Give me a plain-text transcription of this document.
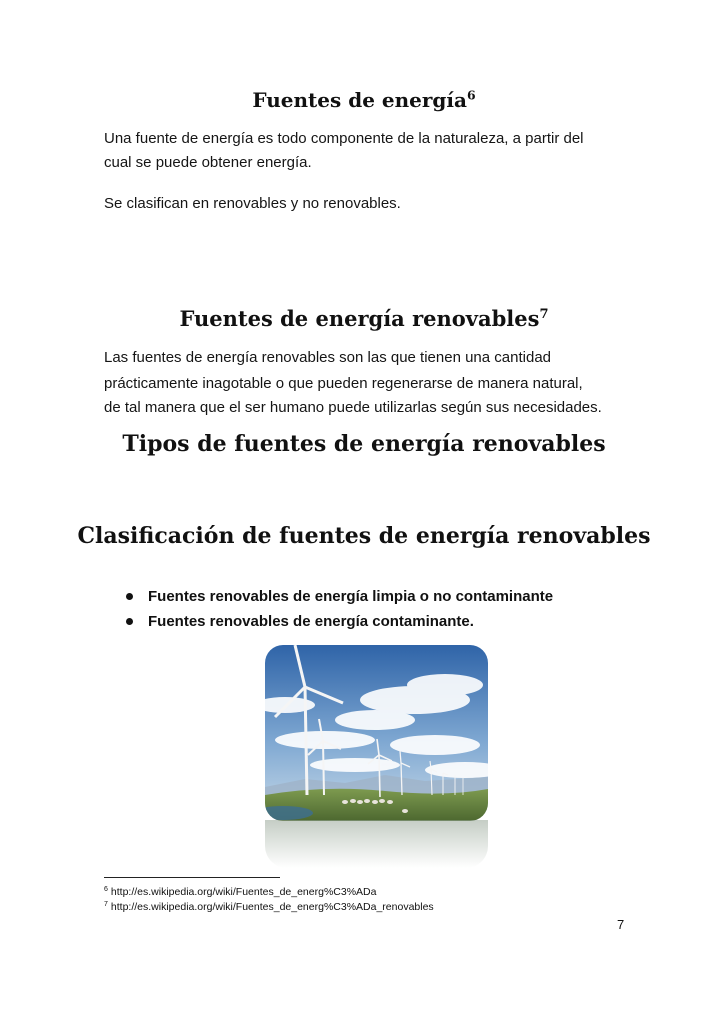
Fuentes de energía$^6$
Una fuente de energía es todo componente de la naturaleza, a partir del
cual se puede obtener energía.
Se clasifican en renovables y no renovables.
Fuentes de energía renovables$^7$
Las fuentes de energía renovables son las que tienen una cantidad
prácticamente inagotable o que pueden regenerarse de manera natural,
de tal manera que el ser humano puede utilizarlas según sus necesidades.
Tipos de fuentes de energía renovables
Clasificación de fuentes de energía renovables
Fuentes renovables de energía limpia o no contaminante
Fuentes renovables de energía contaminante.
$^6$ http://es.wikipedia.org/wiki/Fuentes_de_energ%C3%ADa
$^7$ http://es.wikipedia.org/wiki/Fuentes_de_energ%C3%ADa_renovables
7
